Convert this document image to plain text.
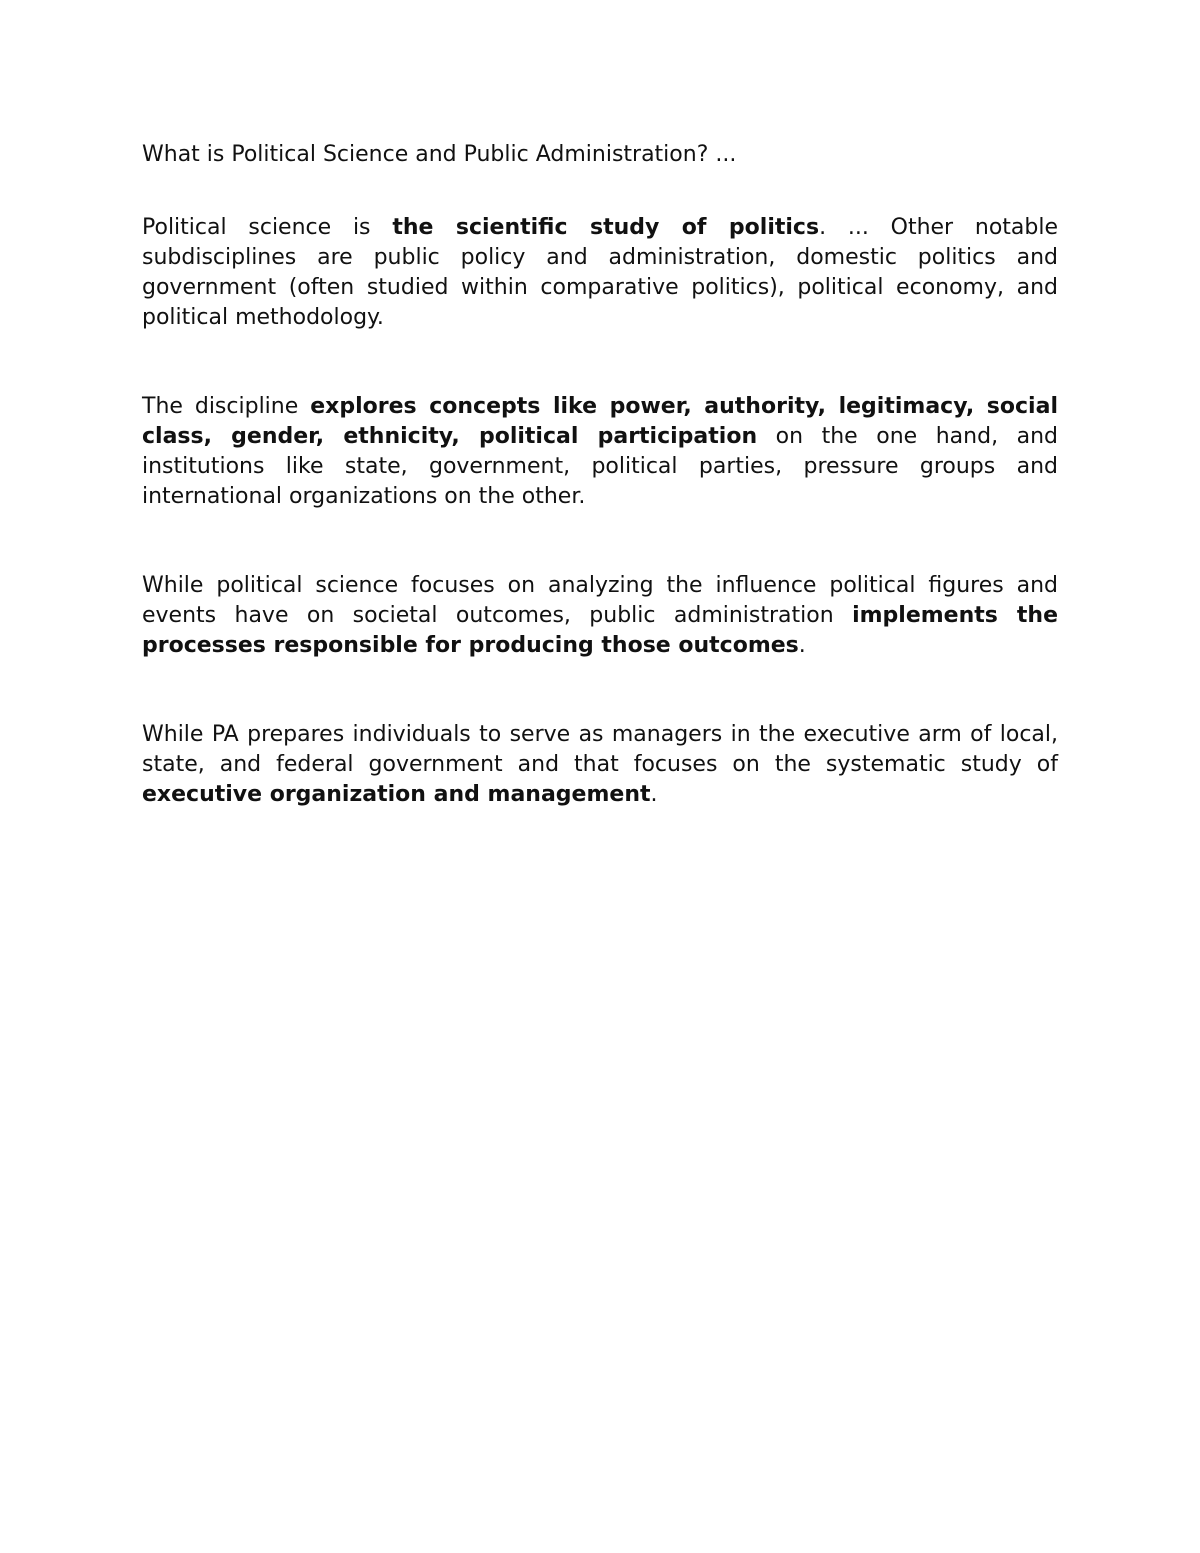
What is Political Science and Public Administration? ...

Political science is the scientific study of politics. ... Other notable subdisciplines are public policy and administration, domestic politics and government (often studied within comparative politics), political economy, and political methodology.

The discipline explores concepts like power, authority, legitimacy, social class, gender, ethnicity, political participation on the one hand, and institutions like state, government, political parties, pressure groups and international organizations on the other.

While political science focuses on analyzing the influence political figures and events have on societal outcomes, public administration implements the processes responsible for producing those outcomes.

While PA prepares individuals to serve as managers in the executive arm of local, state, and federal government and that focuses on the systematic study of executive organization and management.
